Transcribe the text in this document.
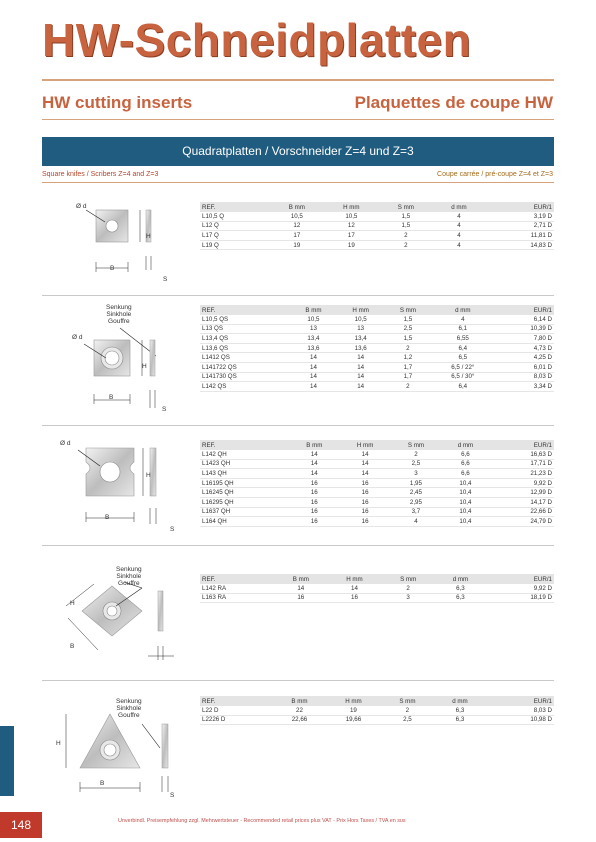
HW-Schneidplatten
HW cutting inserts	Plaquettes de coupe HW
Quadratplatten / Vorschneider Z=4 und Z=3
Square knifes / Scribers Z=4 and Z=3	Coupe carrée / pré-coupe Z=4 et Z=3
Ø d
H
B
S
REF.	B mm	H mm	S mm	d mm	EUR/1
L10,5 Q	10,5	10,5	1,5	4	3,19 D
L12 Q	12	12	1,5	4	2,71 D
L17 Q	17	17	2	4	11,81 D
L19 Q	19	19	2	4	14,83 D
Senkung
Sinkhole
Gouffre
Ø d
H
B
S
REF.	B mm	H mm	S mm	d mm	EUR/1
L10,5 QS	10,5	10,5	1,5	4	6,14 D
L13 QS	13	13	2,5	6,1	10,39 D
L13,4 QS	13,4	13,4	1,5	6,55	7,80 D
L13,6 QS	13,6	13,6	2	6,4	4,73 D
L1412 QS	14	14	1,2	6,5	4,25 D
L141722 QS	14	14	1,7	6,5 / 22°	6,01 D
L141730 QS	14	14	1,7	6,5 / 30°	8,03 D
L142 QS	14	14	2	6,4	3,34 D
Ø d
H
B
S
REF.	B mm	H mm	S mm	d mm	EUR/1
L142 QH	14	14	2	6,6	16,63 D
L1423 QH	14	14	2,5	6,6	17,71 D
L143 QH	14	14	3	6,6	21,23 D
L16195 QH	16	16	1,95	10,4	9,92 D
L16245 QH	16	16	2,45	10,4	12,99 D
L16295 QH	16	16	2,95	10,4	14,17 D
L1637 QH	16	16	3,7	10,4	22,66 D
L164 QH	16	16	4	10,4	24,79 D
Senkung
Sinkhole
Gouffre
H
B
REF.	B mm	H mm	S mm	d mm	EUR/1
L142 RA	14	14	2	6,3	9,92 D
L163 RA	16	16	3	6,3	18,19 D
Senkung
Sinkhole
Gouffre
H
B
S
REF.	B mm	H mm	S mm	d mm	EUR/1
L22 D	22	19	2	6,3	8,03 D
L2226 D	22,66	19,66	2,5	6,3	10,98 D
148	Unverbindl. Preisempfehlung zzgl. Mehrwertsteuer - Recommended retail prices plus VAT - Prix Hors Taxes / TVA en sus
